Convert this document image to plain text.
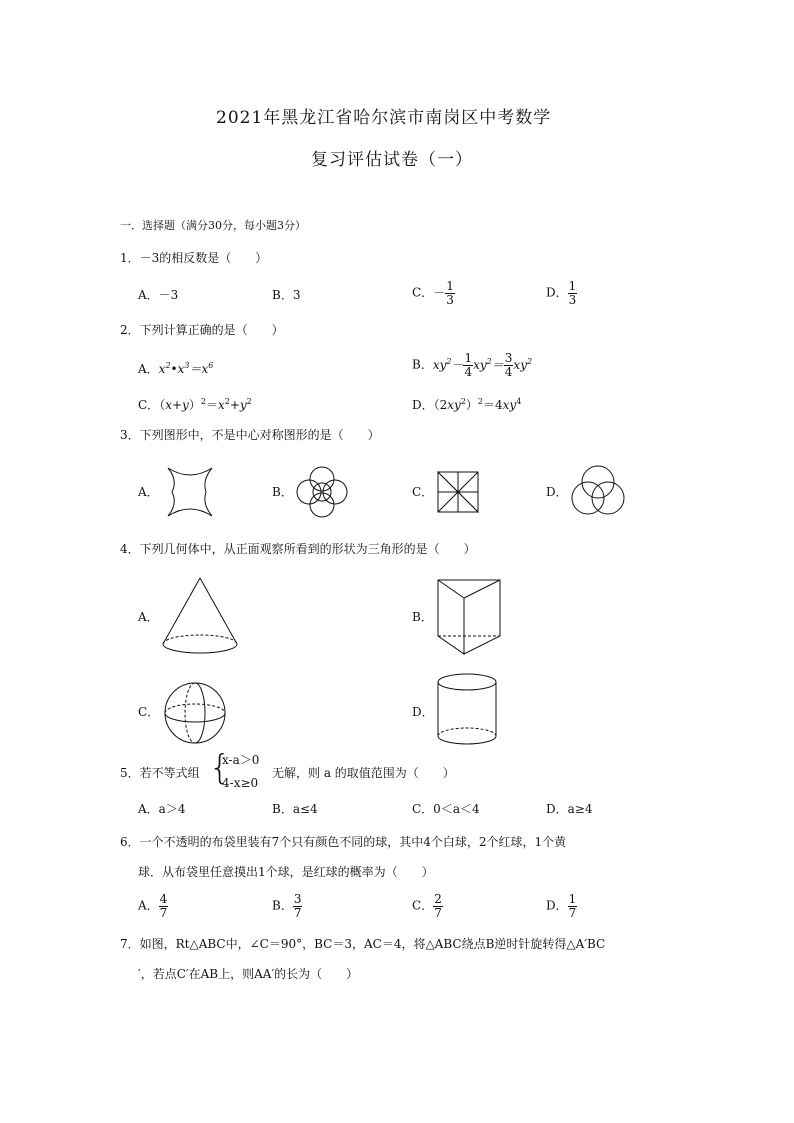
2021年黑龙江省哈尔滨市南岗区中考数学
复习评估试卷（一）
一．选择题（满分30分，每小题3分）
1．－3的相反数是（　　）
A．－3	B．3	C．－ $\frac{1}{3}$	D． $\frac{1}{3}$
2．下列计算正确的是（　　）
A．$x^2•x^3=x^6$	B．$xy^2- \frac{1}{4} xy^2= \frac{3}{4} xy^2$
C．$(x+y)^2=x^2+y^2$	D．$(2xy^2)^2=4xy^4$
3．下列图形中，不是中心对称图形的是（　　）
A．	B．	C．	D．
4．下列几何体中，从正面观察所看到的形状为三角形的是（　　）
A．	B．
C．	D．
5．若不等式组 {
x-a＞0
4-x≥0
无解，则 a 的取值范围为（　　）
A．a＞4	B．a≤4	C．0＜a＜4	D．a≥4
6．一个不透明的布袋里装有7个只有颜色不同的球，其中4个白球，2个红球，1个黄
球．从布袋里任意摸出1个球，是红球的概率为（　　）
A． $\frac{4}{7}$	B． $\frac{3}{7}$	C． $\frac{2}{7}$	D． $\frac{1}{7}$
7．如图，Rt△ABC中，∠C＝90°，BC＝3，AC＝4，将△ABC绕点B逆时针旋转得△A′BC
′，若点C′在AB上，则AA′的长为（　　）
